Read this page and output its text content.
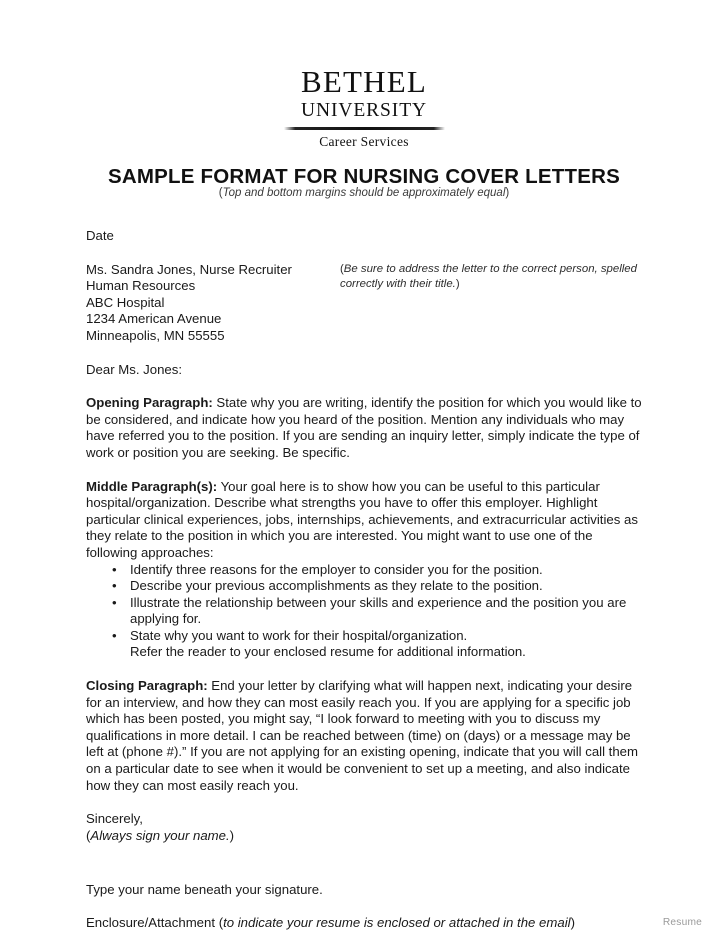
BETHEL
UNIVERSITY
Career Services
SAMPLE FORMAT FOR NURSING COVER LETTERS
(Top and bottom margins should be approximately equal)
Date
Ms. Sandra Jones, Nurse Recruiter
Human Resources
ABC Hospital
1234 American Avenue
Minneapolis, MN 55555
(Be sure to address the letter to the correct person, spelled correctly with their title.)
Dear Ms. Jones:

Opening Paragraph: State why you are writing, identify the position for which you would like to be considered, and indicate how you heard of the position. Mention any individuals who may have referred you to the position. If you are sending an inquiry letter, simply indicate the type of work or position you are seeking. Be specific.

Middle Paragraph(s): Your goal here is to show how you can be useful to this particular hospital/organization. Describe what strengths you have to offer this employer. Highlight particular clinical experiences, jobs, internships, achievements, and extracurricular activities as they relate to the position in which you are interested. You might want to use one of the following approaches:

• Identify three reasons for the employer to consider you for the position.
• Describe your previous accomplishments as they relate to the position.
• Illustrate the relationship between your skills and experience and the position you are applying for.
• State why you want to work for their hospital/organization.
Refer the reader to your enclosed resume for additional information.

Closing Paragraph: End your letter by clarifying what will happen next, indicating your desire for an interview, and how they can most easily reach you. If you are applying for a specific job which has been posted, you might say, “I look forward to meeting with you to discuss my qualifications in more detail. I can be reached between (time) on (days) or a message may be left at (phone #).” If you are not applying for an existing opening, indicate that you will call them on a particular date to see when it would be convenient to set up a meeting, and also indicate how they can most easily reach you.

Sincerely,
(Always sign your name.)
Type your name beneath your signature.
Enclosure/Attachment (to indicate your resume is enclosed or attached in the email)	Resume
